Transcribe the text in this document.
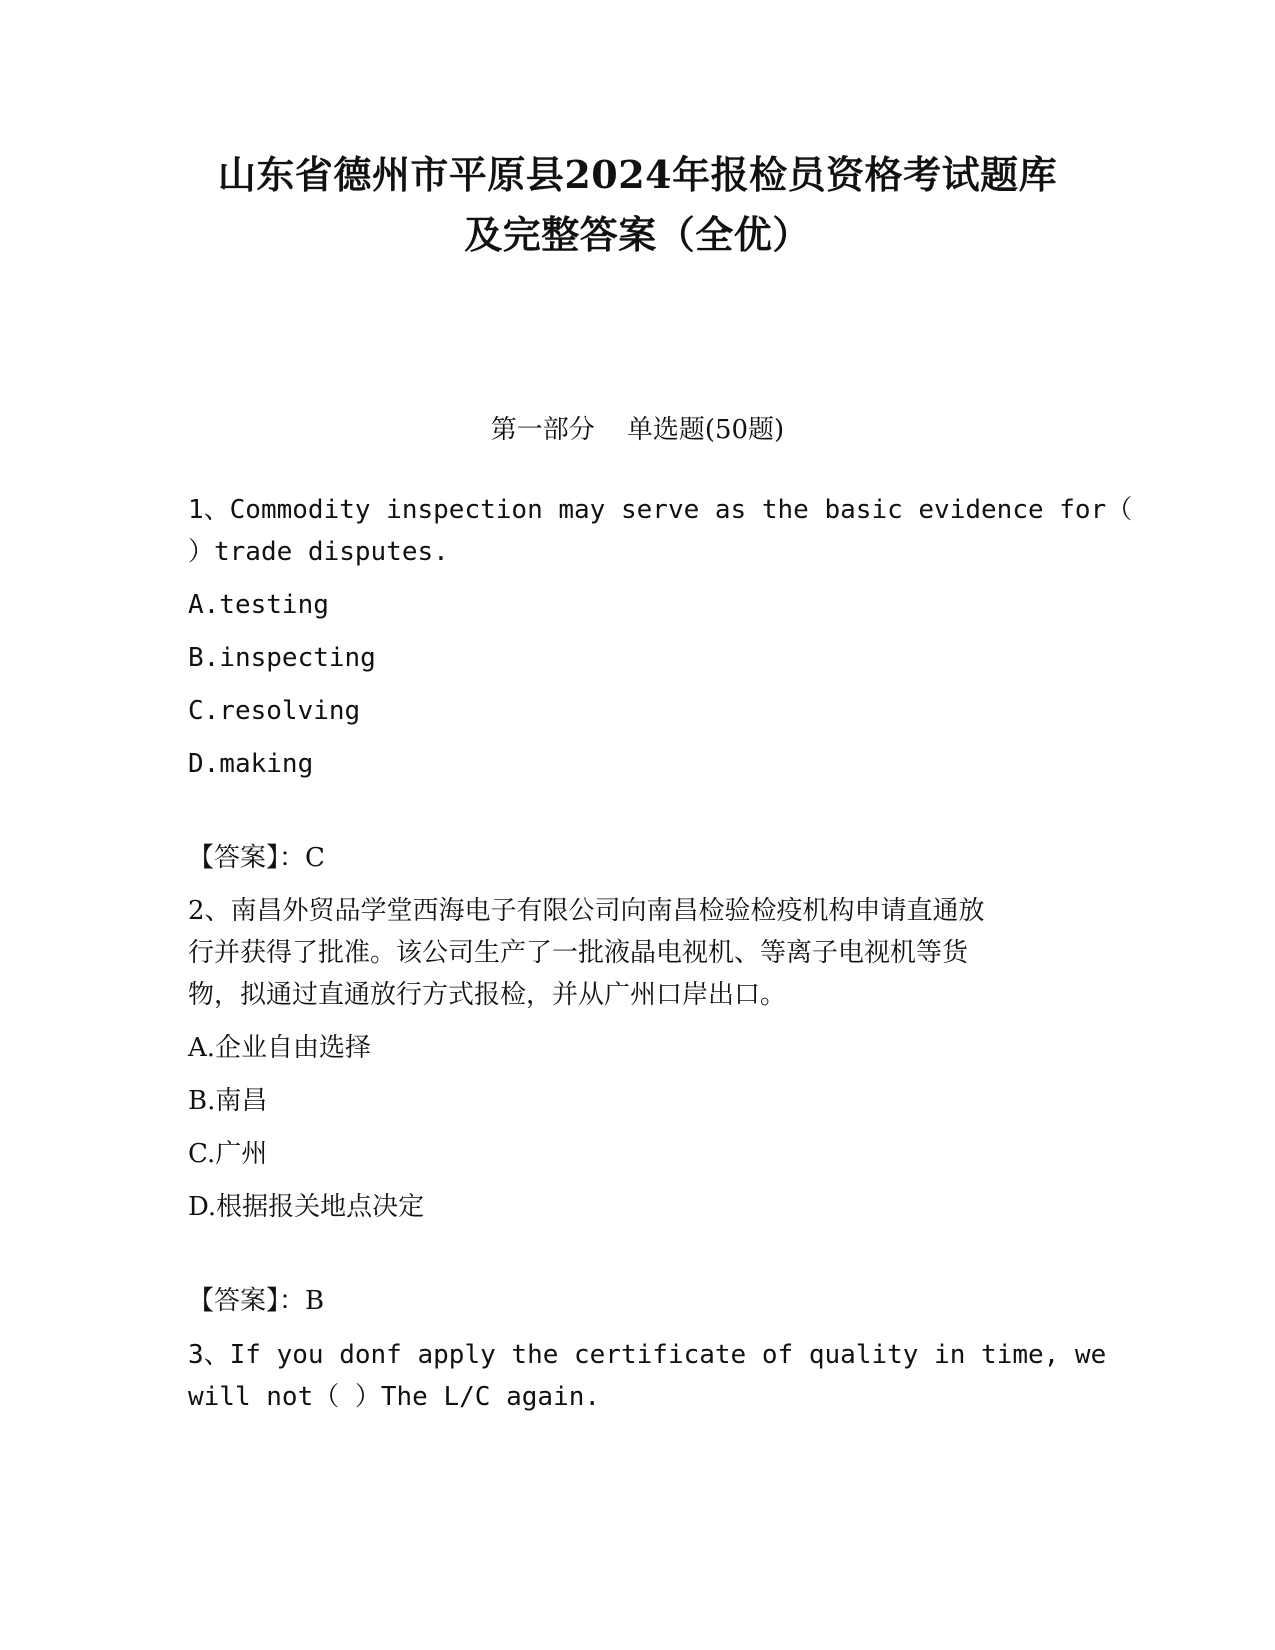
山东省德州市平原县2024年报检员资格考试题库
及完整答案（全优）
第一部分 单选题(50题)
1、Commodity inspection may serve as the basic evidence for（
）trade disputes.
A.testing
B.inspecting
C.resolving
D.making
【答案】：C
2、南昌外贸品学堂西海电子有限公司向南昌检验检疫机构申请直通放
行并获得了批准。该公司生产了一批液晶电视机、等离子电视机等货
物，拟通过直通放行方式报检，并从广州口岸出口。
A.企业自由选择
B.南昌
C.广州
D.根据报关地点决定
【答案】：B
3、If you donf apply the certificate of quality in time, we
will not（ ）The L/C again.
